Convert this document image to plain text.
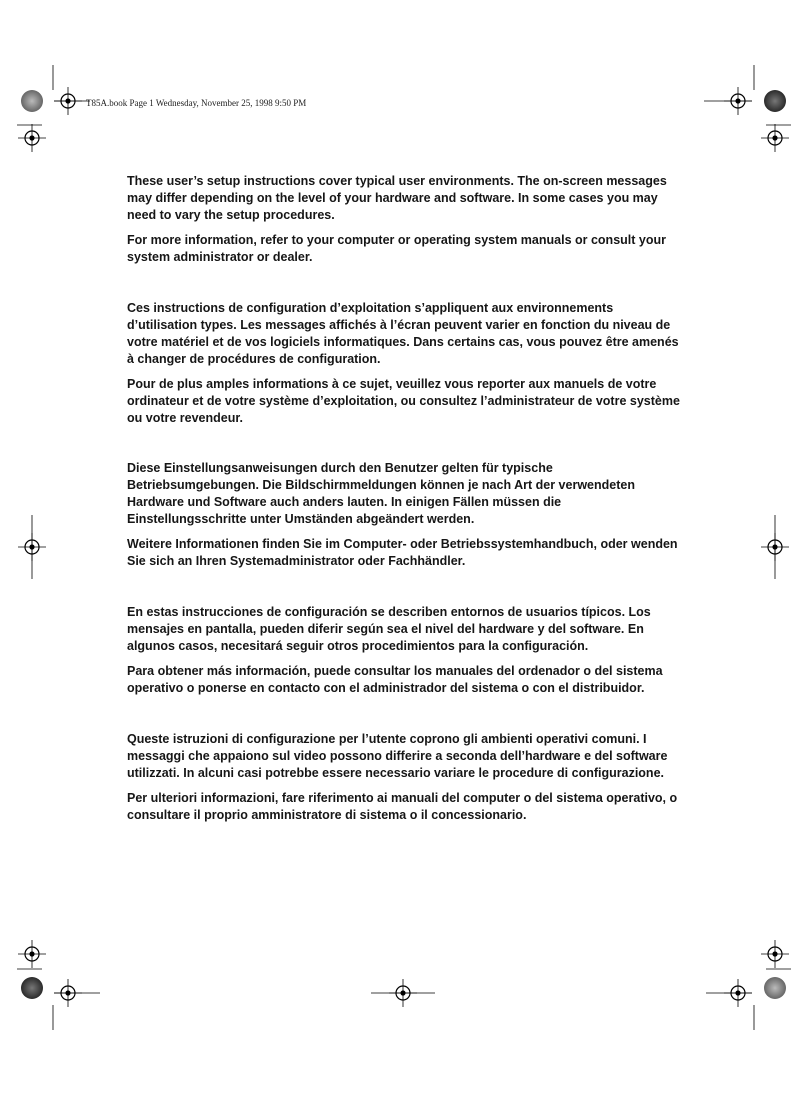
T85A.book Page 1 Wednesday, November 25, 1998 9:50 PM

These user’s setup instructions cover typical user environments. The on-screen messages may differ depending on the level of your hardware and software. In some cases you may need to vary the setup procedures.

For more information, refer to your computer or operating system manuals or consult your system administrator or dealer.

Ces instructions de configuration d’exploitation s’appliquent aux environnements d’utilisation types. Les messages affichés à l’écran peuvent varier en fonction du niveau de votre matériel et de vos logiciels informatiques. Dans certains cas, vous pouvez être amenés à changer de procédures de configuration.

Pour de plus amples informations à ce sujet, veuillez vous reporter aux manuels de votre ordinateur et de votre système d’exploitation, ou consultez l’administrateur de votre système ou votre revendeur.

Diese Einstellungsanweisungen durch den Benutzer gelten für typische Betriebsumgebungen. Die Bildschirmmeldungen können je nach Art der verwendeten Hardware und Software auch anders lauten. In einigen Fällen müssen die Einstellungsschritte unter Umständen abgeändert werden.

Weitere Informationen finden Sie im Computer- oder Betriebssystemhandbuch, oder wenden Sie sich an Ihren Systemadministrator oder Fachhändler.

En estas instrucciones de configuración se describen entornos de usuarios típicos. Los mensajes en pantalla, pueden diferir según sea el nivel del hardware y del software. En algunos casos, necesitará seguir otros procedimientos para la configuración.

Para obtener más información, puede consultar los manuales del ordenador o del sistema operativo o ponerse en contacto con el administrador del sistema o con el distribuidor.

Queste istruzioni di configurazione per l’utente coprono gli ambienti operativi comuni. I messaggi che appaiono sul video possono differire a seconda dell’hardware e del software utilizzati. In alcuni casi potrebbe essere necessario variare le procedure di configurazione.

Per ulteriori informazioni, fare riferimento ai manuali del computer o del sistema operativo, o consultare il proprio amministratore di sistema o il concessionario.
